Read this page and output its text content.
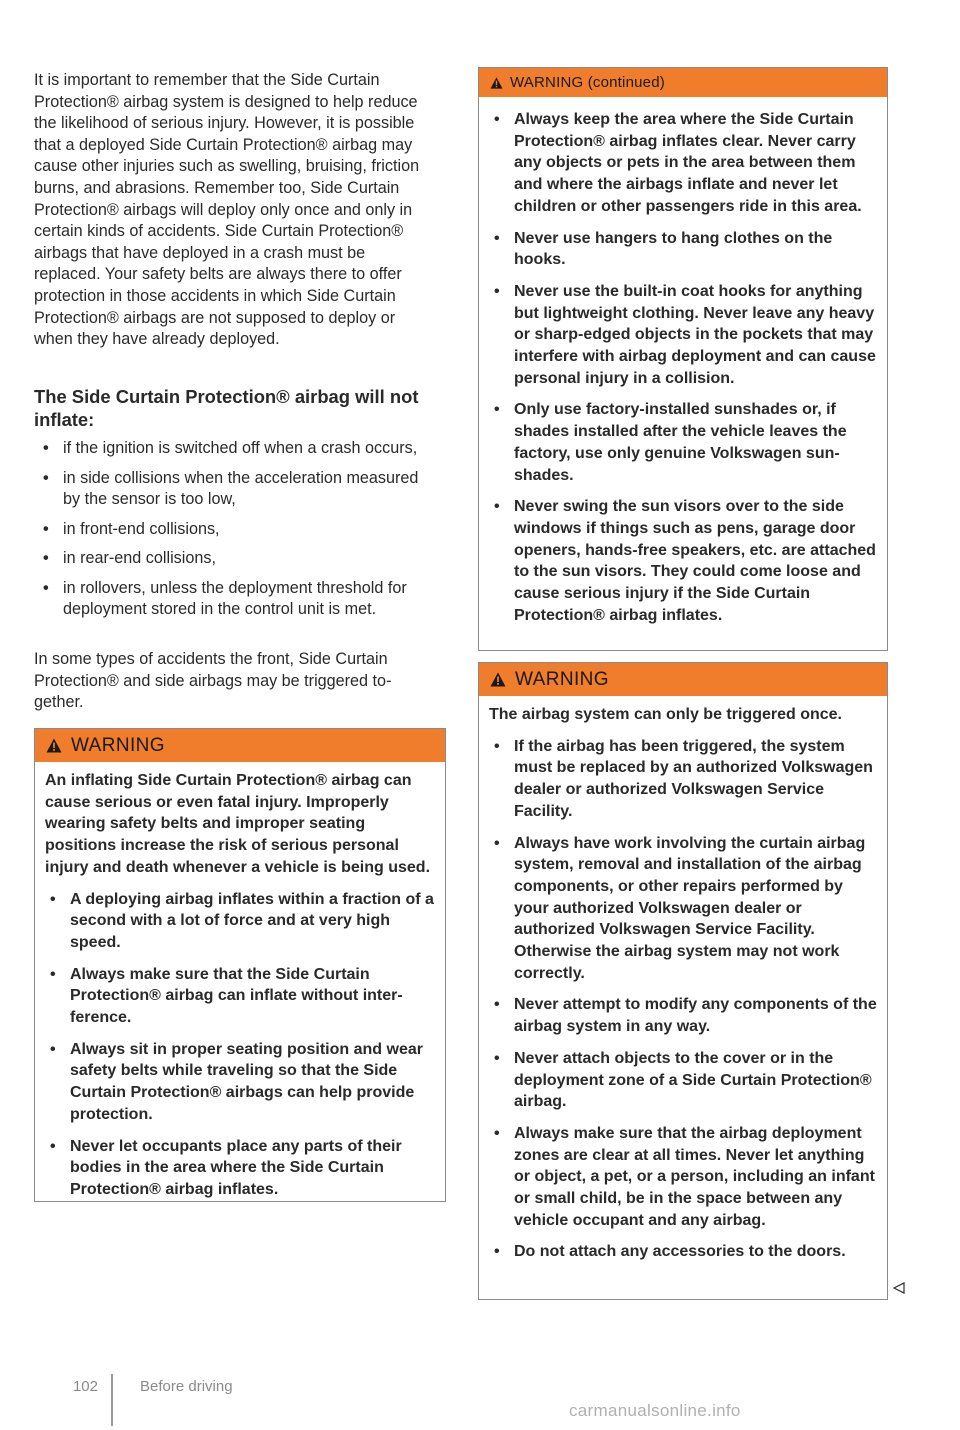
It is important to remember that the Side Curtain Protection® airbag system is designed to help reduce the likelihood of serious injury. However, it is possible that a deployed Side Curtain Protection® airbag may cause other injuries such as swelling, bruising, friction burns, and abrasions. Remember too, Side Curtain Protection® airbags will deploy only once and only in certain kinds of accidents. Side Curtain Protection® airbags that have deployed in a crash must be replaced. Your safety belts are always there to offer protection in those accidents in which Side Curtain Protection® airbags are not supposed to deploy or when they have already deployed.

The Side Curtain Protection® airbag will not inflate:
• if the ignition is switched off when a crash occurs,
• in side collisions when the acceleration measured by the sensor is too low,
• in front-end collisions,
• in rear-end collisions,
• in rollovers, unless the deployment threshold for deployment stored in the control unit is met.

In some types of accidents the front, Side Curtain Protection® and side airbags may be triggered together.

WARNING

An inflating Side Curtain Protection® airbag can cause serious or even fatal injury. Improperly wearing safety belts and improper seating positions increase the risk of serious personal injury and death whenever a vehicle is being used.

• A deploying airbag inflates within a fraction of a second with a lot of force and at very high speed.
• Always make sure that the Side Curtain Protection® airbag can inflate without interference.
• Always sit in proper seating position and wear safety belts while traveling so that the Side Curtain Protection® airbags can help provide protection.
• Never let occupants place any parts of their bodies in the area where the Side Curtain Protection® airbag inflates.
WARNING (continued)
• Always keep the area where the Side Curtain Protection® airbag inflates clear. Never carry any objects or pets in the area between them and where the airbags inflate and never let children or other passengers ride in this area.
• Never use hangers to hang clothes on the hooks.
• Never use the built-in coat hooks for anything but lightweight clothing. Never leave any heavy or sharp-edged objects in the pockets that may interfere with airbag deployment and can cause personal injury in a collision.
• Only use factory-installed sunshades or, if shades installed after the vehicle leaves the factory, use only genuine Volkswagen sunshades.
• Never swing the sun visors over to the side windows if things such as pens, garage door openers, hands-free speakers, etc. are attached to the sun visors. They could come loose and cause serious injury if the Side Curtain Protection® airbag inflates.
WARNING

The airbag system can only be triggered once.

• If the airbag has been triggered, the system must be replaced by an authorized Volkswagen dealer or authorized Volkswagen Service Facility.
• Always have work involving the curtain airbag system, removal and installation of the airbag components, or other repairs performed by your authorized Volkswagen dealer or authorized Volkswagen Service Facility. Otherwise the airbag system may not work correctly.
• Never attempt to modify any components of the airbag system in any way.
• Never attach objects to the cover or in the deployment zone of a Side Curtain Protection® airbag.
• Always make sure that the airbag deployment zones are clear at all times. Never let anything or object, a pet, or a person, including an infant or small child, be in the space between any vehicle occupant and any airbag.
• Do not attach any accessories to the doors.
102	Before driving
carmanualsonline.info
